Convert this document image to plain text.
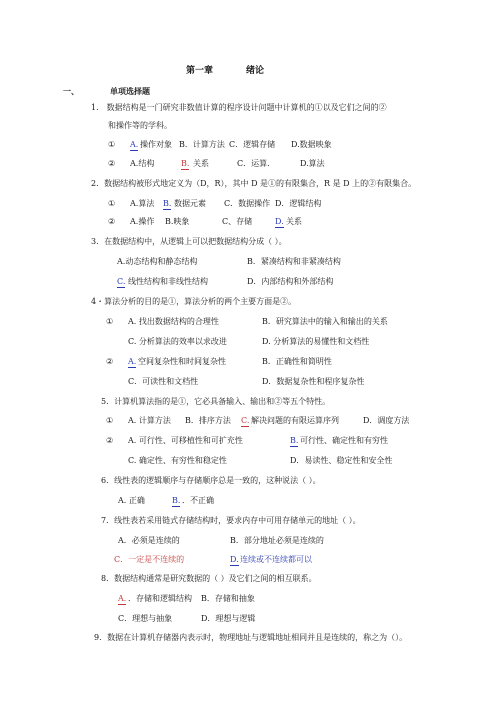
第一章	绪论
一、	单项选择题
1． 数据结构是一门研究非数值计算的程序设计问题中计算机的①以及它们之间的②
和操作等的学科。
① A. 操作对象 B．计算方法 C．逻辑存储 D.数据映象
② A.结构	B. 关系	C．运算．	D.算法
2．数据结构被形式地定义为（D，R），其中 D 是①的有限集合，R 是 D 上的②有限集合。
① A.算法 B. 数据元素 C．数据操作 D．逻辑结构
② A.操作 B.映象	C、存储	D. 关系
3．在数据结构中，从逻辑上可以把数据结构分成（ ）。
A.动态结构和静态结构	B．紧凑结构和非紧凑结构
C. 线性结构和非线性结构	D．内部结构和外部结构
4・算法分析的目的是①，算法分析的两个主要方面是②。
① A. 找出数据结构的合理性	B．研究算法中的输入和输出的关系
C. 分析算法的效率以求改进	D. 分析算法的易懂性和文档性
② A. 空间复杂性和时间复杂性	B．正确性和简明性
C．可读性和文档性	D．数据复杂性和程序复杂性
5．计算机算法指的是①，它必具备输入、输出和②等五个特性。
① A. 计算方法 B．排序方法 C. 解决问题的有限运算序列	D．调度方法
② A. 可行性、可移植性和可扩充性	B. 可行性、确定性和有穷性
C. 确定性、有穷性和稳定性	D．易读性、稳定性和安全性
6．线性表的逻辑顺序与存储顺序总是一致的，这种说法（ ）。
A. 正确	B. ．不正确
7．线性表若采用链式存储结构时，要求内存中可用存储单元的地址（ ）。
A．必须是连续的	B．部分地址必须是连续的
C．一定是不连续的	D. 连续或不连续都可以
8．数据结构通常是研究数据的（ ）及它们之间的相互联系。
A. ．存储和逻辑结构 B．存储和抽象
C．理想与抽象	D．理想与逻辑
9．数据在计算机存储器内表示时，物理地址与逻辑地址相同并且是连续的，称之为（）。
